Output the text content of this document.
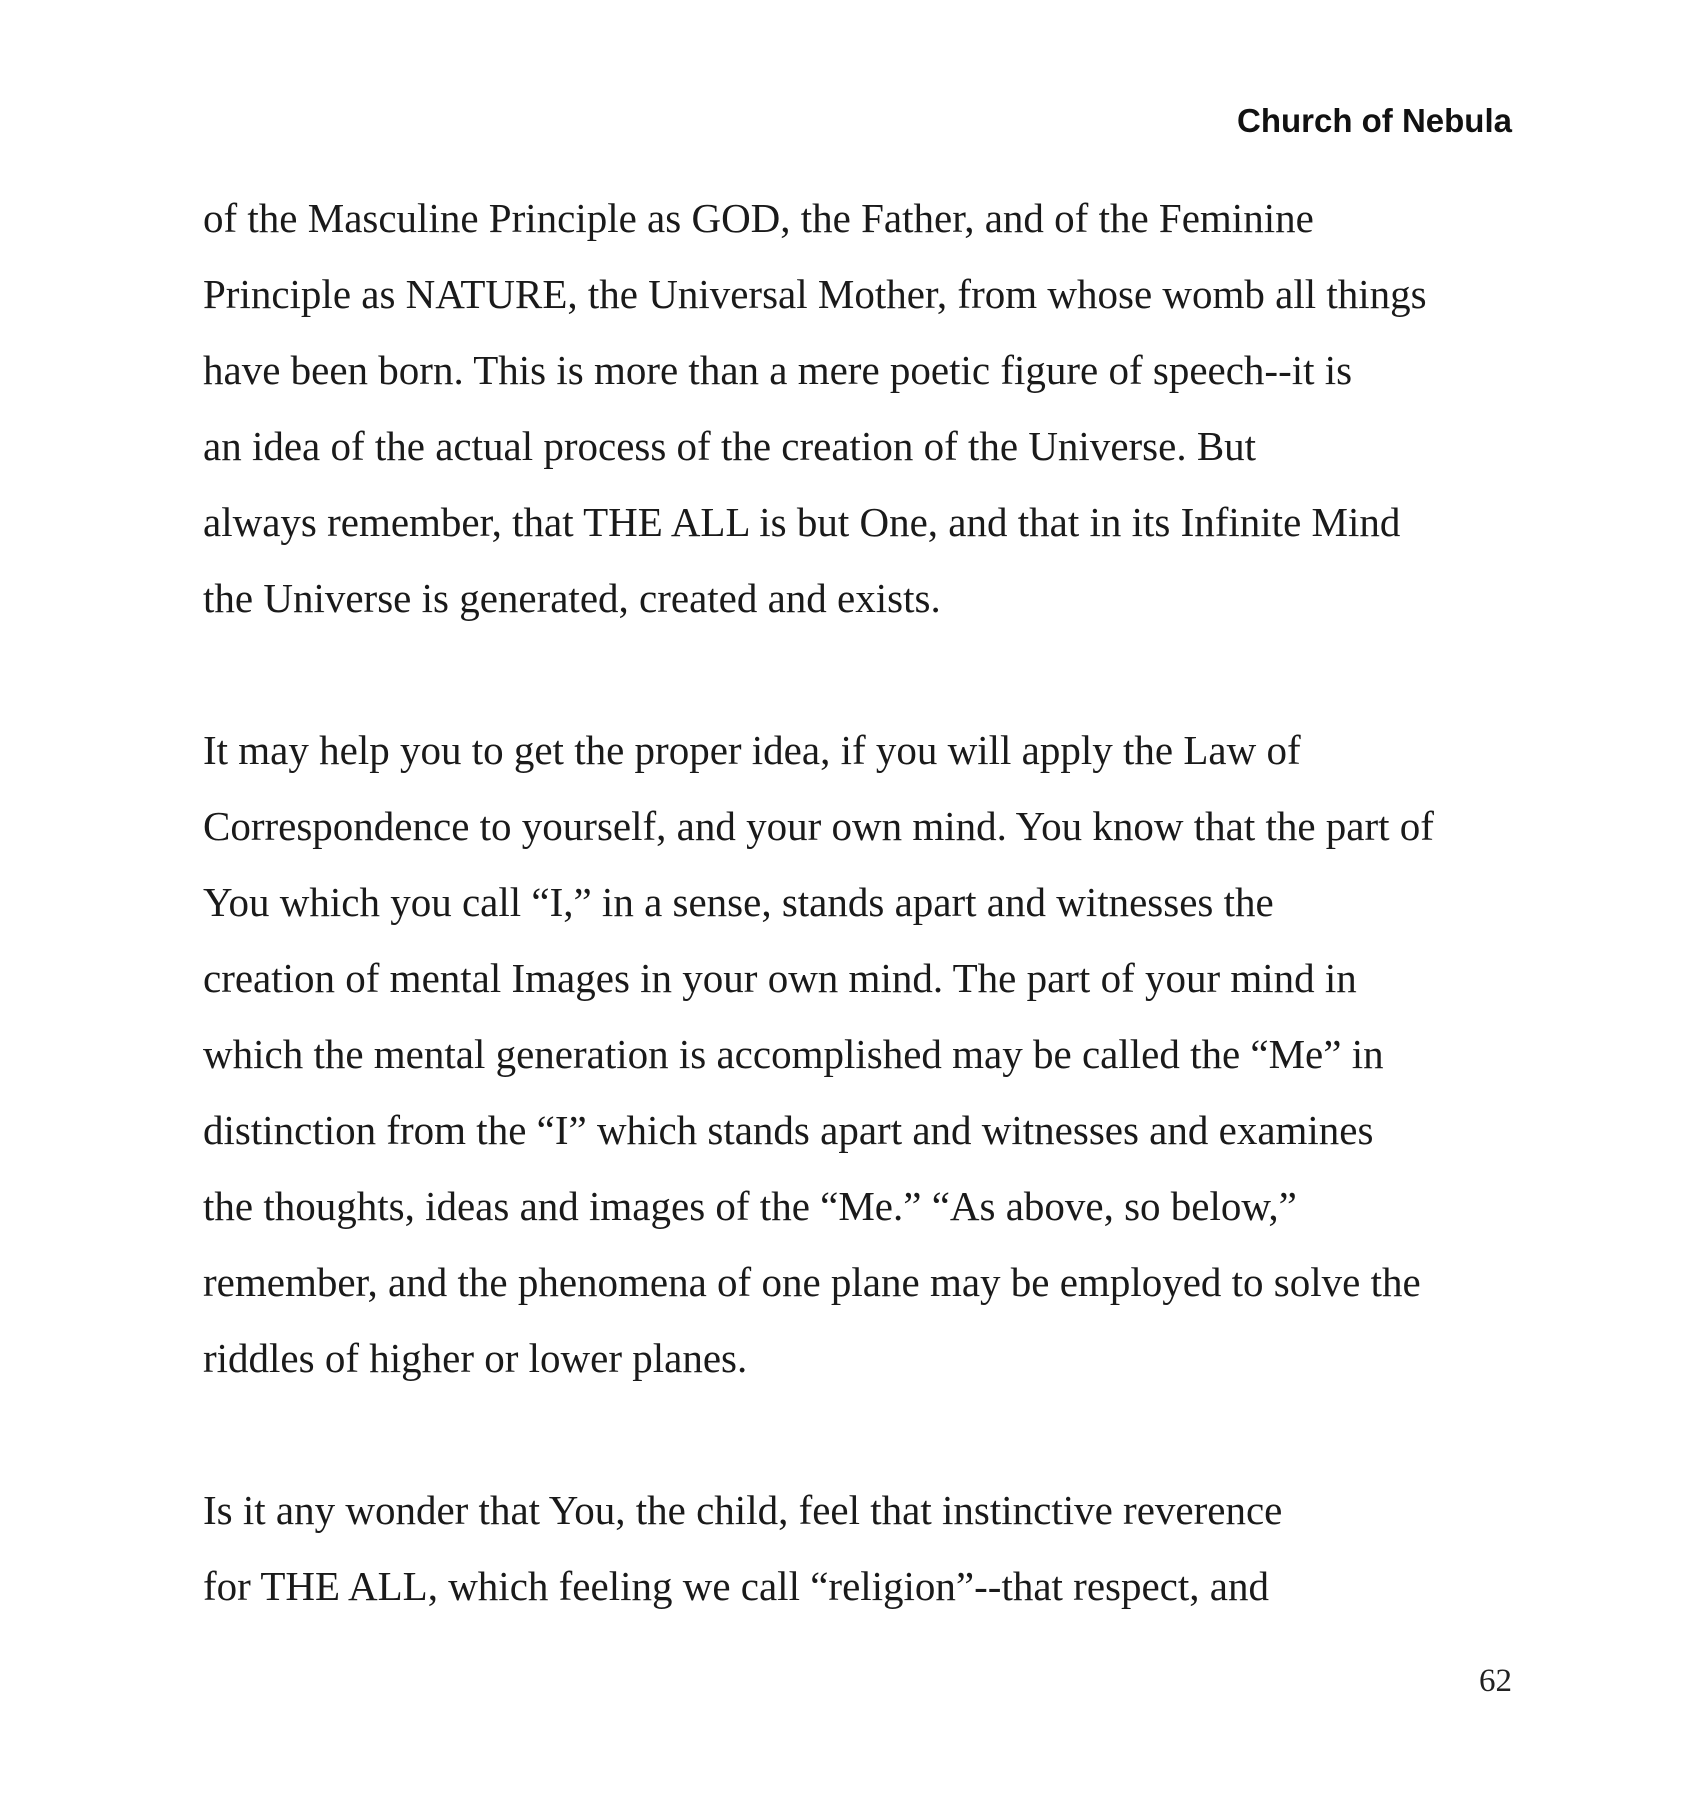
Church of Nebula
of the Masculine Principle as GOD, the Father, and of the Feminine
Principle as NATURE, the Universal Mother, from whose womb all things
have been born. This is more than a mere poetic figure of speech--it is
an idea of the actual process of the creation of the Universe. But
always remember, that THE ALL is but One, and that in its Infinite Mind
the Universe is generated, created and exists.
It may help you to get the proper idea, if you will apply the Law of
Correspondence to yourself, and your own mind. You know that the part of
You which you call “I,” in a sense, stands apart and witnesses the
creation of mental Images in your own mind. The part of your mind in
which the mental generation is accomplished may be called the “Me” in
distinction from the “I” which stands apart and witnesses and examines
the thoughts, ideas and images of the “Me.” “As above, so below,”
remember, and the phenomena of one plane may be employed to solve the
riddles of higher or lower planes.
Is it any wonder that You, the child, feel that instinctive reverence
for THE ALL, which feeling we call “religion”--that respect, and
62
